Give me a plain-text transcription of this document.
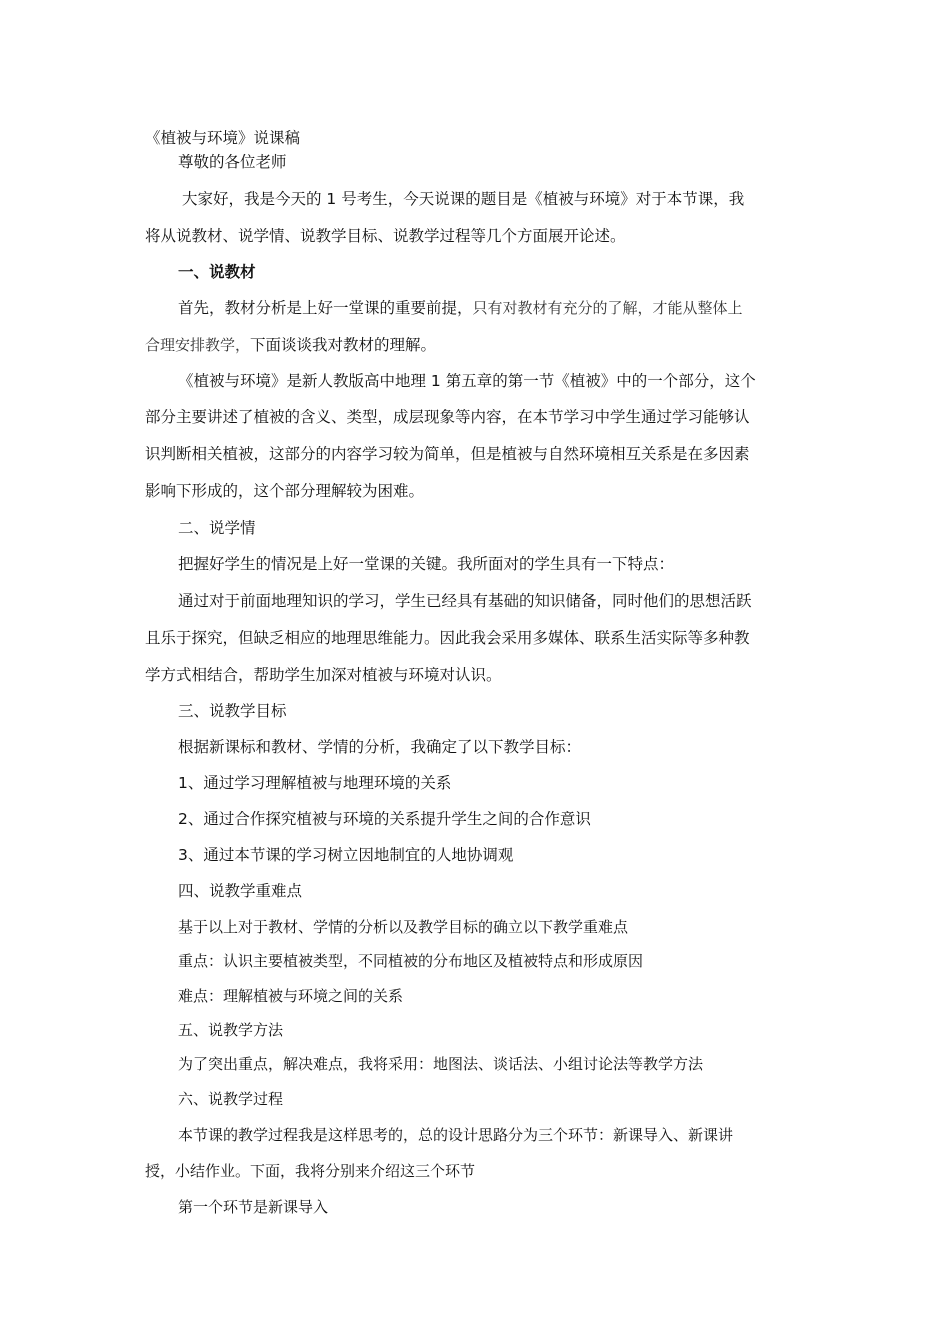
《植被与环境》说课稿

尊敬的各位老师

大家好，我是今天的 1 号考生，今天说课的题目是《植被与环境》对于本节课，我

将从说教材、说学情、说教学目标、说教学过程等几个方面展开论述。

一、说教材

首先，教材分析是上好一堂课的重要前提，只有对教材有充分的了解，才能从整体上

合理安排教学，下面谈谈我对教材的理解。

《植被与环境》是新人教版高中地理 1 第五章的第一节《植被》中的一个部分，这个

部分主要讲述了植被的含义、类型，成层现象等内容，在本节学习中学生通过学习能够认

识判断相关植被，这部分的内容学习较为简单，但是植被与自然环境相互关系是在多因素

影响下形成的，这个部分理解较为困难。

二、说学情

把握好学生的情况是上好一堂课的关键。我所面对的学生具有一下特点：

通过对于前面地理知识的学习，学生已经具有基础的知识储备，同时他们的思想活跃

且乐于探究，但缺乏相应的地理思维能力。因此我会采用多媒体、联系生活实际等多种教

学方式相结合，帮助学生加深对植被与环境对认识。

三、说教学目标

根据新课标和教材、学情的分析，我确定了以下教学目标：

1、通过学习理解植被与地理环境的关系

2、通过合作探究植被与环境的关系提升学生之间的合作意识

3、通过本节课的学习树立因地制宜的人地协调观

四、说教学重难点

基于以上对于教材、学情的分析以及教学目标的确立以下教学重难点

重点：认识主要植被类型，不同植被的分布地区及植被特点和形成原因

难点：理解植被与环境之间的关系

五、说教学方法

为了突出重点，解决难点，我将采用：地图法、谈话法、小组讨论法等教学方法

六、说教学过程

本节课的教学过程我是这样思考的，总的设计思路分为三个环节：新课导入、新课讲

授，小结作业。下面，我将分别来介绍这三个环节

第一个环节是新课导入
